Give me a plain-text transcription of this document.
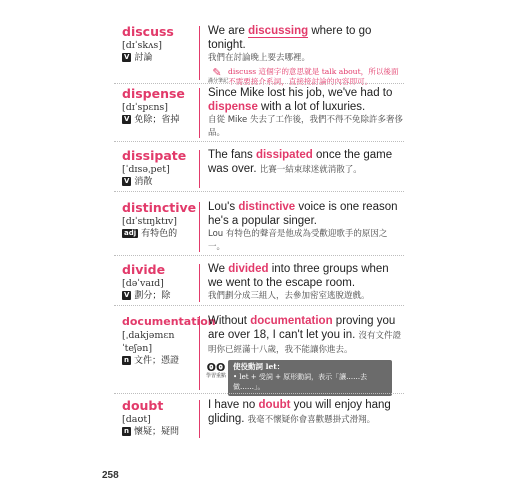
discuss
[dɪˈskʌs]
V 討論
We are discussing where to go tonight.
我們在討論晚上要去哪裡。
✎
滿分筆記
discuss 這個字的意思就是 talk about，所以後面不需要接介系詞，直接接討論的內容即可。
dispense
[dɪˈspɛns]
V 免除；省掉
Since Mike lost his job, we've had to dispense with a lot of luxuries.
自從 Mike 失去了工作後，我們不得不免除許多奢侈品。
dissipate
[ˈdɪsəˌpet]
V 消散
The fans dissipated once the game was over. 比賽一結束球迷就消散了。
distinctive
[dɪˈstɪŋktɪv]
adj 有特色的
Lou's distinctive voice is one reason he's a popular singer.
Lou 有特色的聲音是他成為受歡迎歌手的原因之一。
divide
[dəˈvaɪd]
V 劃分；除
We divided into three groups when we went to the escape room.
我們劃分成三組人，去參加密室逃脫遊戲。
documentation
[ˌdakjəmɛnˈteʃən]
n 文件；憑證
Without documentation proving you are over 18, I can't let you in. 沒有文件證明你已經滿十八歲，我不能讓你進去。
ʘʘ
學習重點
使役動詞 let：
• let + 受詞 + 原形動詞，表示「讓……去做……」。
doubt
[daʊt]
n 懷疑；疑問
I have no doubt you will enjoy hang gliding. 我毫不懷疑你會喜歡懸掛式滑翔。
258
